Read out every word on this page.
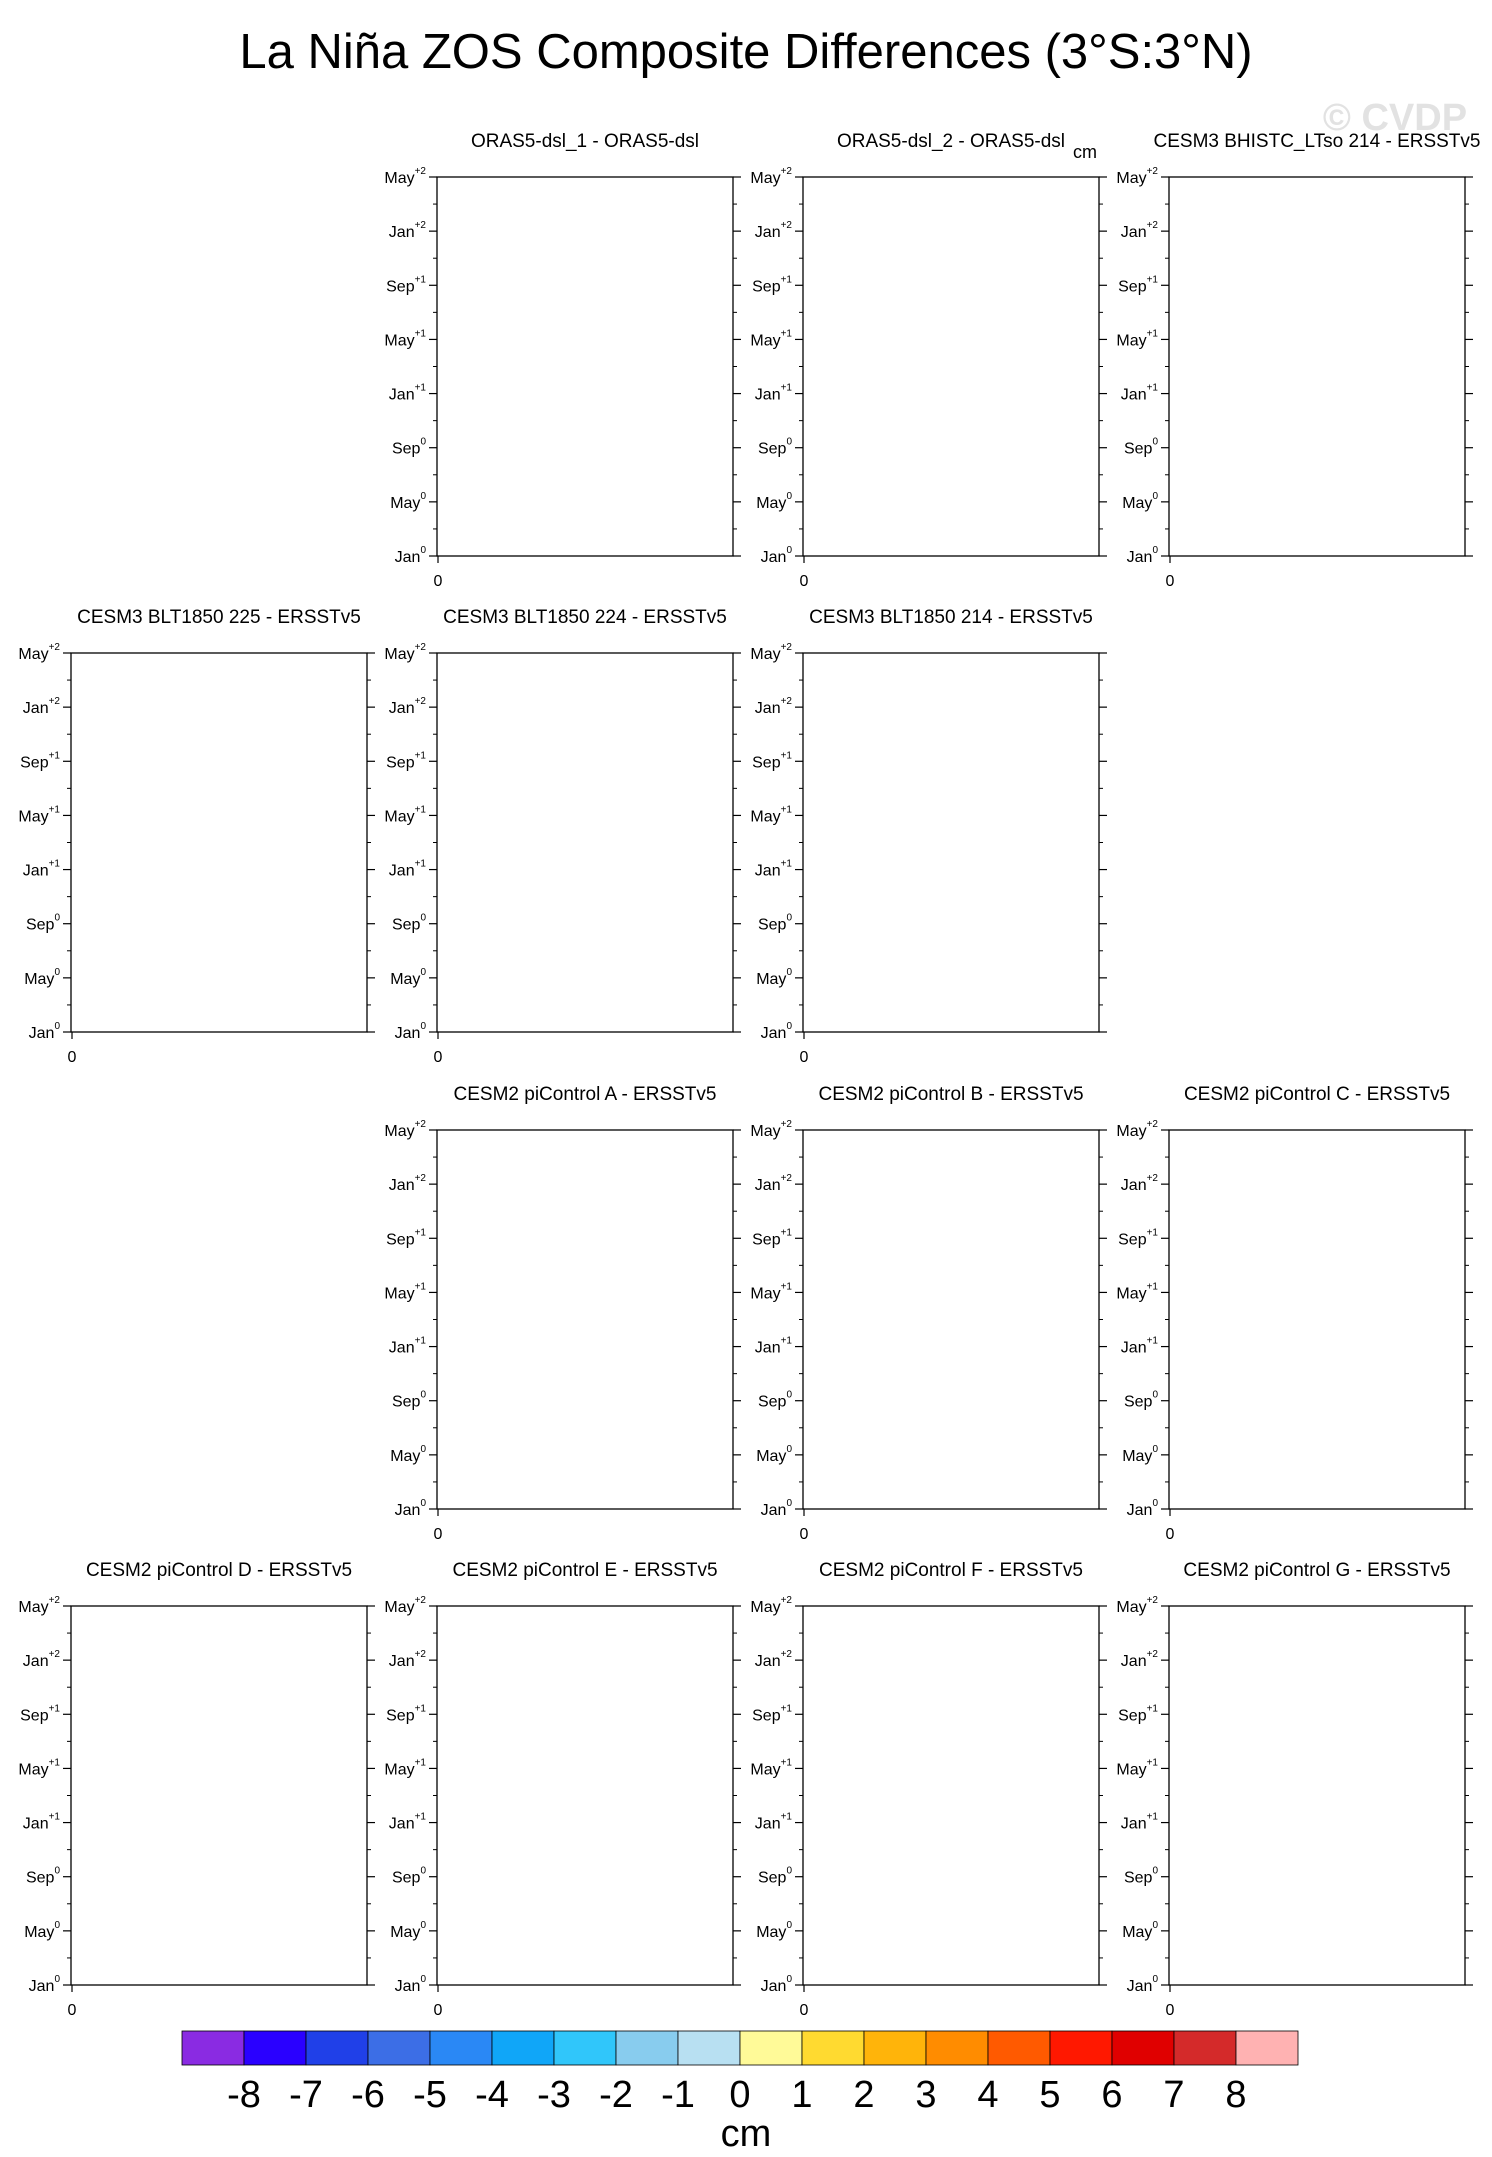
La Niña ZOS Composite Differences (3°S:3°N)
© CVDP
cm
ORAS5-dsl_1 - ORAS5-dsl
Jan$^0$
May$^0$
Sep$^0$
Jan$^{+1}$
May$^{+1}$
Sep$^{+1}$
Jan$^{+2}$
May$^{+2}$
0
ORAS5-dsl_2 - ORAS5-dsl
Jan$^0$
May$^0$
Sep$^0$
Jan$^{+1}$
May$^{+1}$
Sep$^{+1}$
Jan$^{+2}$
May$^{+2}$
0
CESM3 BHISTC_LTso 214 - ERSSTv5
Jan$^0$
May$^0$
Sep$^0$
Jan$^{+1}$
May$^{+1}$
Sep$^{+1}$
Jan$^{+2}$
May$^{+2}$
0
CESM3 BLT1850 225 - ERSSTv5
Jan$^0$
May$^0$
Sep$^0$
Jan$^{+1}$
May$^{+1}$
Sep$^{+1}$
Jan$^{+2}$
May$^{+2}$
0
CESM3 BLT1850 224 - ERSSTv5
Jan$^0$
May$^0$
Sep$^0$
Jan$^{+1}$
May$^{+1}$
Sep$^{+1}$
Jan$^{+2}$
May$^{+2}$
0
CESM3 BLT1850 214 - ERSSTv5
Jan$^0$
May$^0$
Sep$^0$
Jan$^{+1}$
May$^{+1}$
Sep$^{+1}$
Jan$^{+2}$
May$^{+2}$
0
CESM2 piControl A - ERSSTv5
Jan$^0$
May$^0$
Sep$^0$
Jan$^{+1}$
May$^{+1}$
Sep$^{+1}$
Jan$^{+2}$
May$^{+2}$
0
CESM2 piControl B - ERSSTv5
Jan$^0$
May$^0$
Sep$^0$
Jan$^{+1}$
May$^{+1}$
Sep$^{+1}$
Jan$^{+2}$
May$^{+2}$
0
CESM2 piControl C - ERSSTv5
Jan$^0$
May$^0$
Sep$^0$
Jan$^{+1}$
May$^{+1}$
Sep$^{+1}$
Jan$^{+2}$
May$^{+2}$
0
CESM2 piControl D - ERSSTv5
Jan$^0$
May$^0$
Sep$^0$
Jan$^{+1}$
May$^{+1}$
Sep$^{+1}$
Jan$^{+2}$
May$^{+2}$
0
CESM2 piControl E - ERSSTv5
Jan$^0$
May$^0$
Sep$^0$
Jan$^{+1}$
May$^{+1}$
Sep$^{+1}$
Jan$^{+2}$
May$^{+2}$
0
CESM2 piControl F - ERSSTv5
Jan$^0$
May$^0$
Sep$^0$
Jan$^{+1}$
May$^{+1}$
Sep$^{+1}$
Jan$^{+2}$
May$^{+2}$
0
CESM2 piControl G - ERSSTv5
Jan$^0$
May$^0$
Sep$^0$
Jan$^{+1}$
May$^{+1}$
Sep$^{+1}$
Jan$^{+2}$
May$^{+2}$
0
-8 -7 -6 -5 -4 -3 -2 -1 0 1 2 3 4 5 6 7 8
cm
